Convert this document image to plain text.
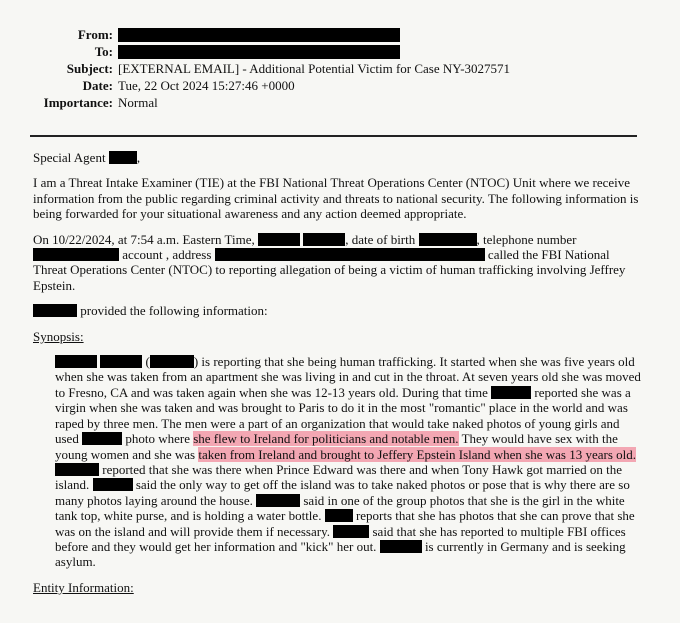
From:
To:
Subject: [EXTERNAL EMAIL] - Additional Potential Victim for Case NY-3027571
Date: Tue, 22 Oct 2024 15:27:46 +0000
Importance: Normal

Special Agent ,

I am a Threat Intake Examiner (TIE) at the FBI National Threat Operations Center (NTOC) Unit where we receive information from the public regarding criminal activity and threats to national security. The following information is being forwarded for your situational awareness and any action deemed appropriate.

On 10/22/2024, at 7:54 a.m. Eastern Time,	, date of birth	, telephone number  account , address	called the FBI National Threat Operations Center (NTOC) to reporting allegation of being a victim of human trafficking involving Jeffrey Epstein.

provided the following information:

Synopsis:

(	) is reporting that she being human trafficking. It started when she was five years old when she was taken from an apartment she was living in and cut in the throat. At seven years old she was moved to Fresno, CA and was taken again when she was 12-13 years old. During that time	reported she was a virgin when she was taken and was brought to Paris to do it in the most "romantic" place in the world and was raped by three men. The men were a part of an organization that would take naked photos of young girls and used	photo where she flew to Ireland for politicians and notable men. They would have sex with the young women and she was taken from Ireland and brought to Jeffery Epstein Island when she was 13 years old.  reported that she was there when Prince Edward was there and when Tony Hawk got married on the island.	said the only way to get off the island was to take naked photos or pose that is why there are so many photos laying around the house.	said in one of the group photos that she is the girl in the white tank top, white purse, and is holding a water bottle.	reports that she has photos that she can prove that she was on the island and will provide them if necessary.	said that she has reported to multiple FBI offices before and they would get her information and "kick" her out.	is currently in Germany and is seeking asylum.

Entity Information:
